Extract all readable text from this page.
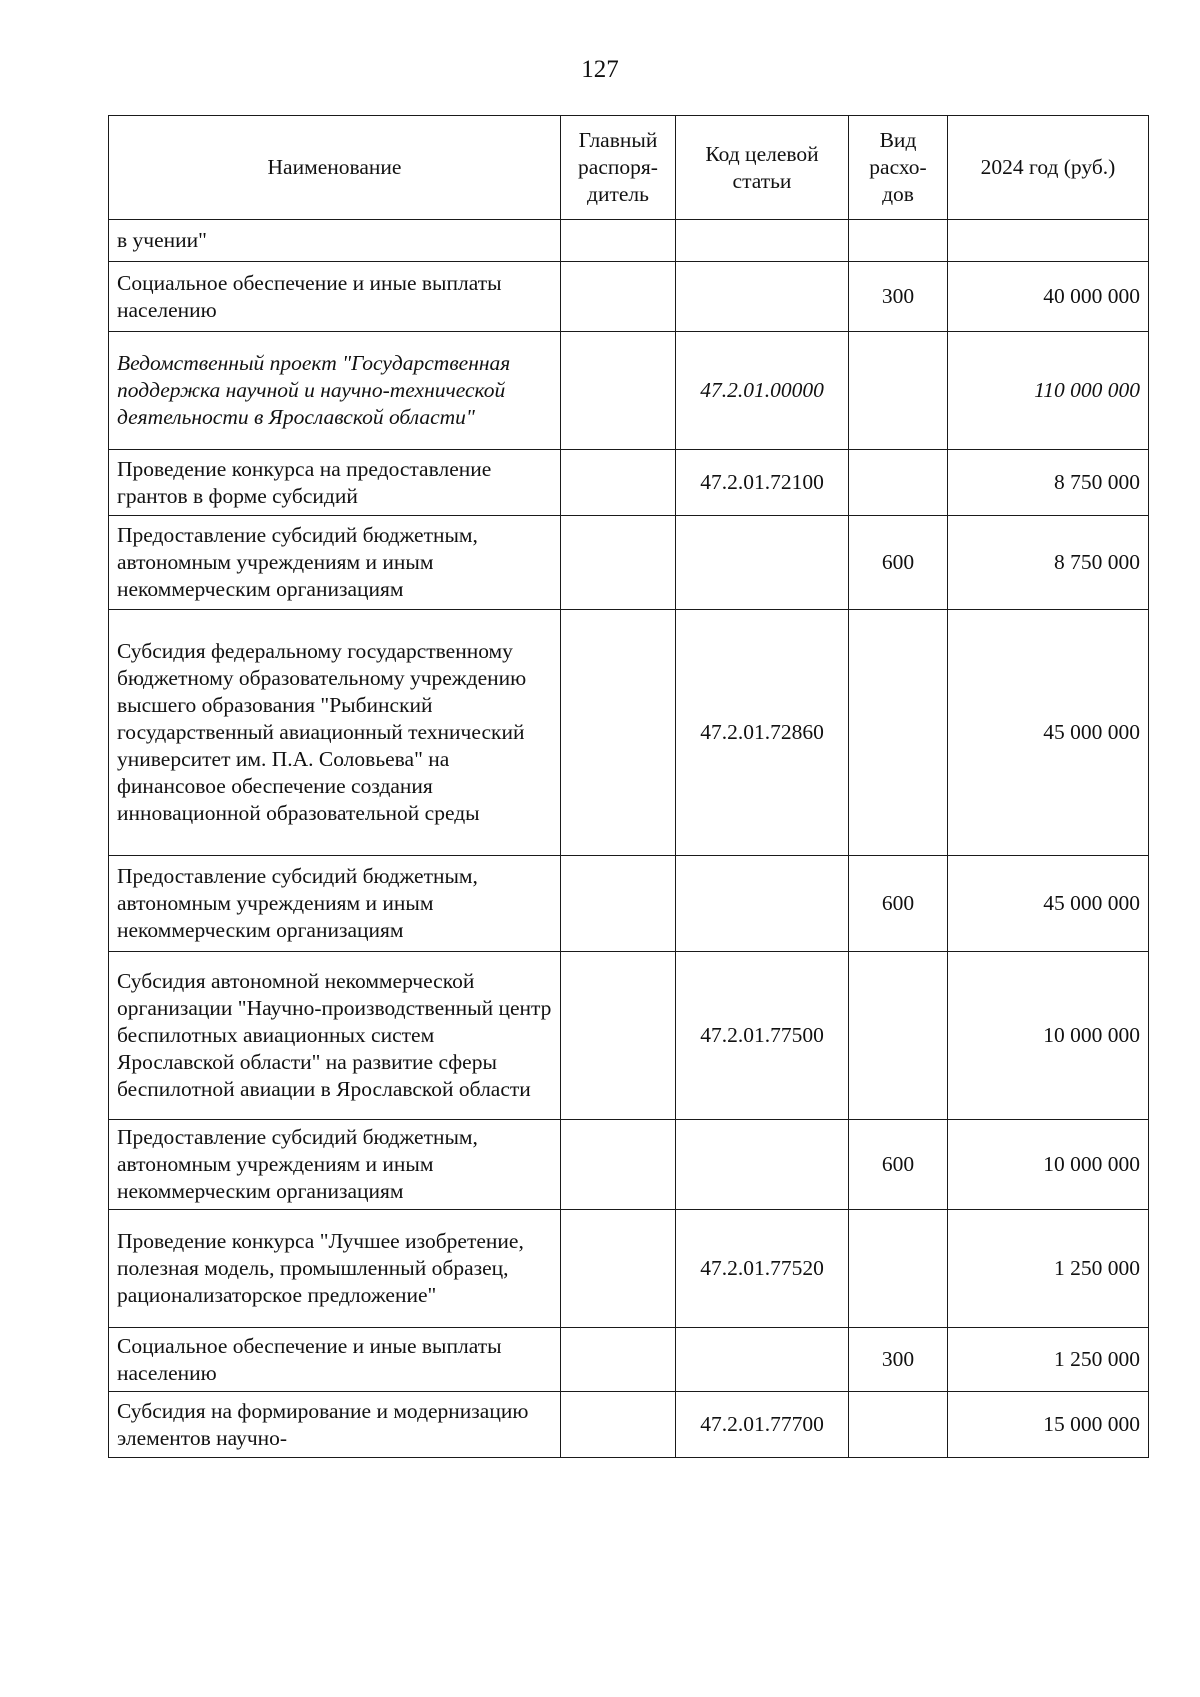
127
Наименование	Главный распоря-дитель	Код целевой статьи	Вид расхо-дов	2024 год (руб.)
в учении"				
Социальное обеспечение и иные выплаты населению			300	40 000 000
Ведомственный проект "Государственная поддержка научной и научно-технической деятельности в Ярославской области"		47.2.01.00000		110 000 000
Проведение конкурса на предоставление грантов в форме субсидий		47.2.01.72100		8 750 000
Предоставление субсидий бюджетным, автономным учреждениям и иным некоммерческим организациям			600	8 750 000
Субсидия федеральному государственному бюджетному образовательному учреждению высшего образования "Рыбинский государственный авиационный технический университет им. П.А. Соловьева" на финансовое обеспечение создания инновационной образовательной среды		47.2.01.72860		45 000 000
Предоставление субсидий бюджетным, автономным учреждениям и иным некоммерческим организациям			600	45 000 000
Субсидия автономной некоммерческой организации "Научно-производственный центр беспилотных авиационных систем Ярославской области" на развитие сферы беспилотной авиации в Ярославской области		47.2.01.77500		10 000 000
Предоставление субсидий бюджетным, автономным учреждениям и иным некоммерческим организациям			600	10 000 000
Проведение конкурса "Лучшее изобретение, полезная модель, промышленный образец, рационализаторское предложение"		47.2.01.77520		1 250 000
Социальное обеспечение и иные выплаты населению			300	1 250 000
Субсидия на формирование и модернизацию элементов научно-		47.2.01.77700		15 000 000
